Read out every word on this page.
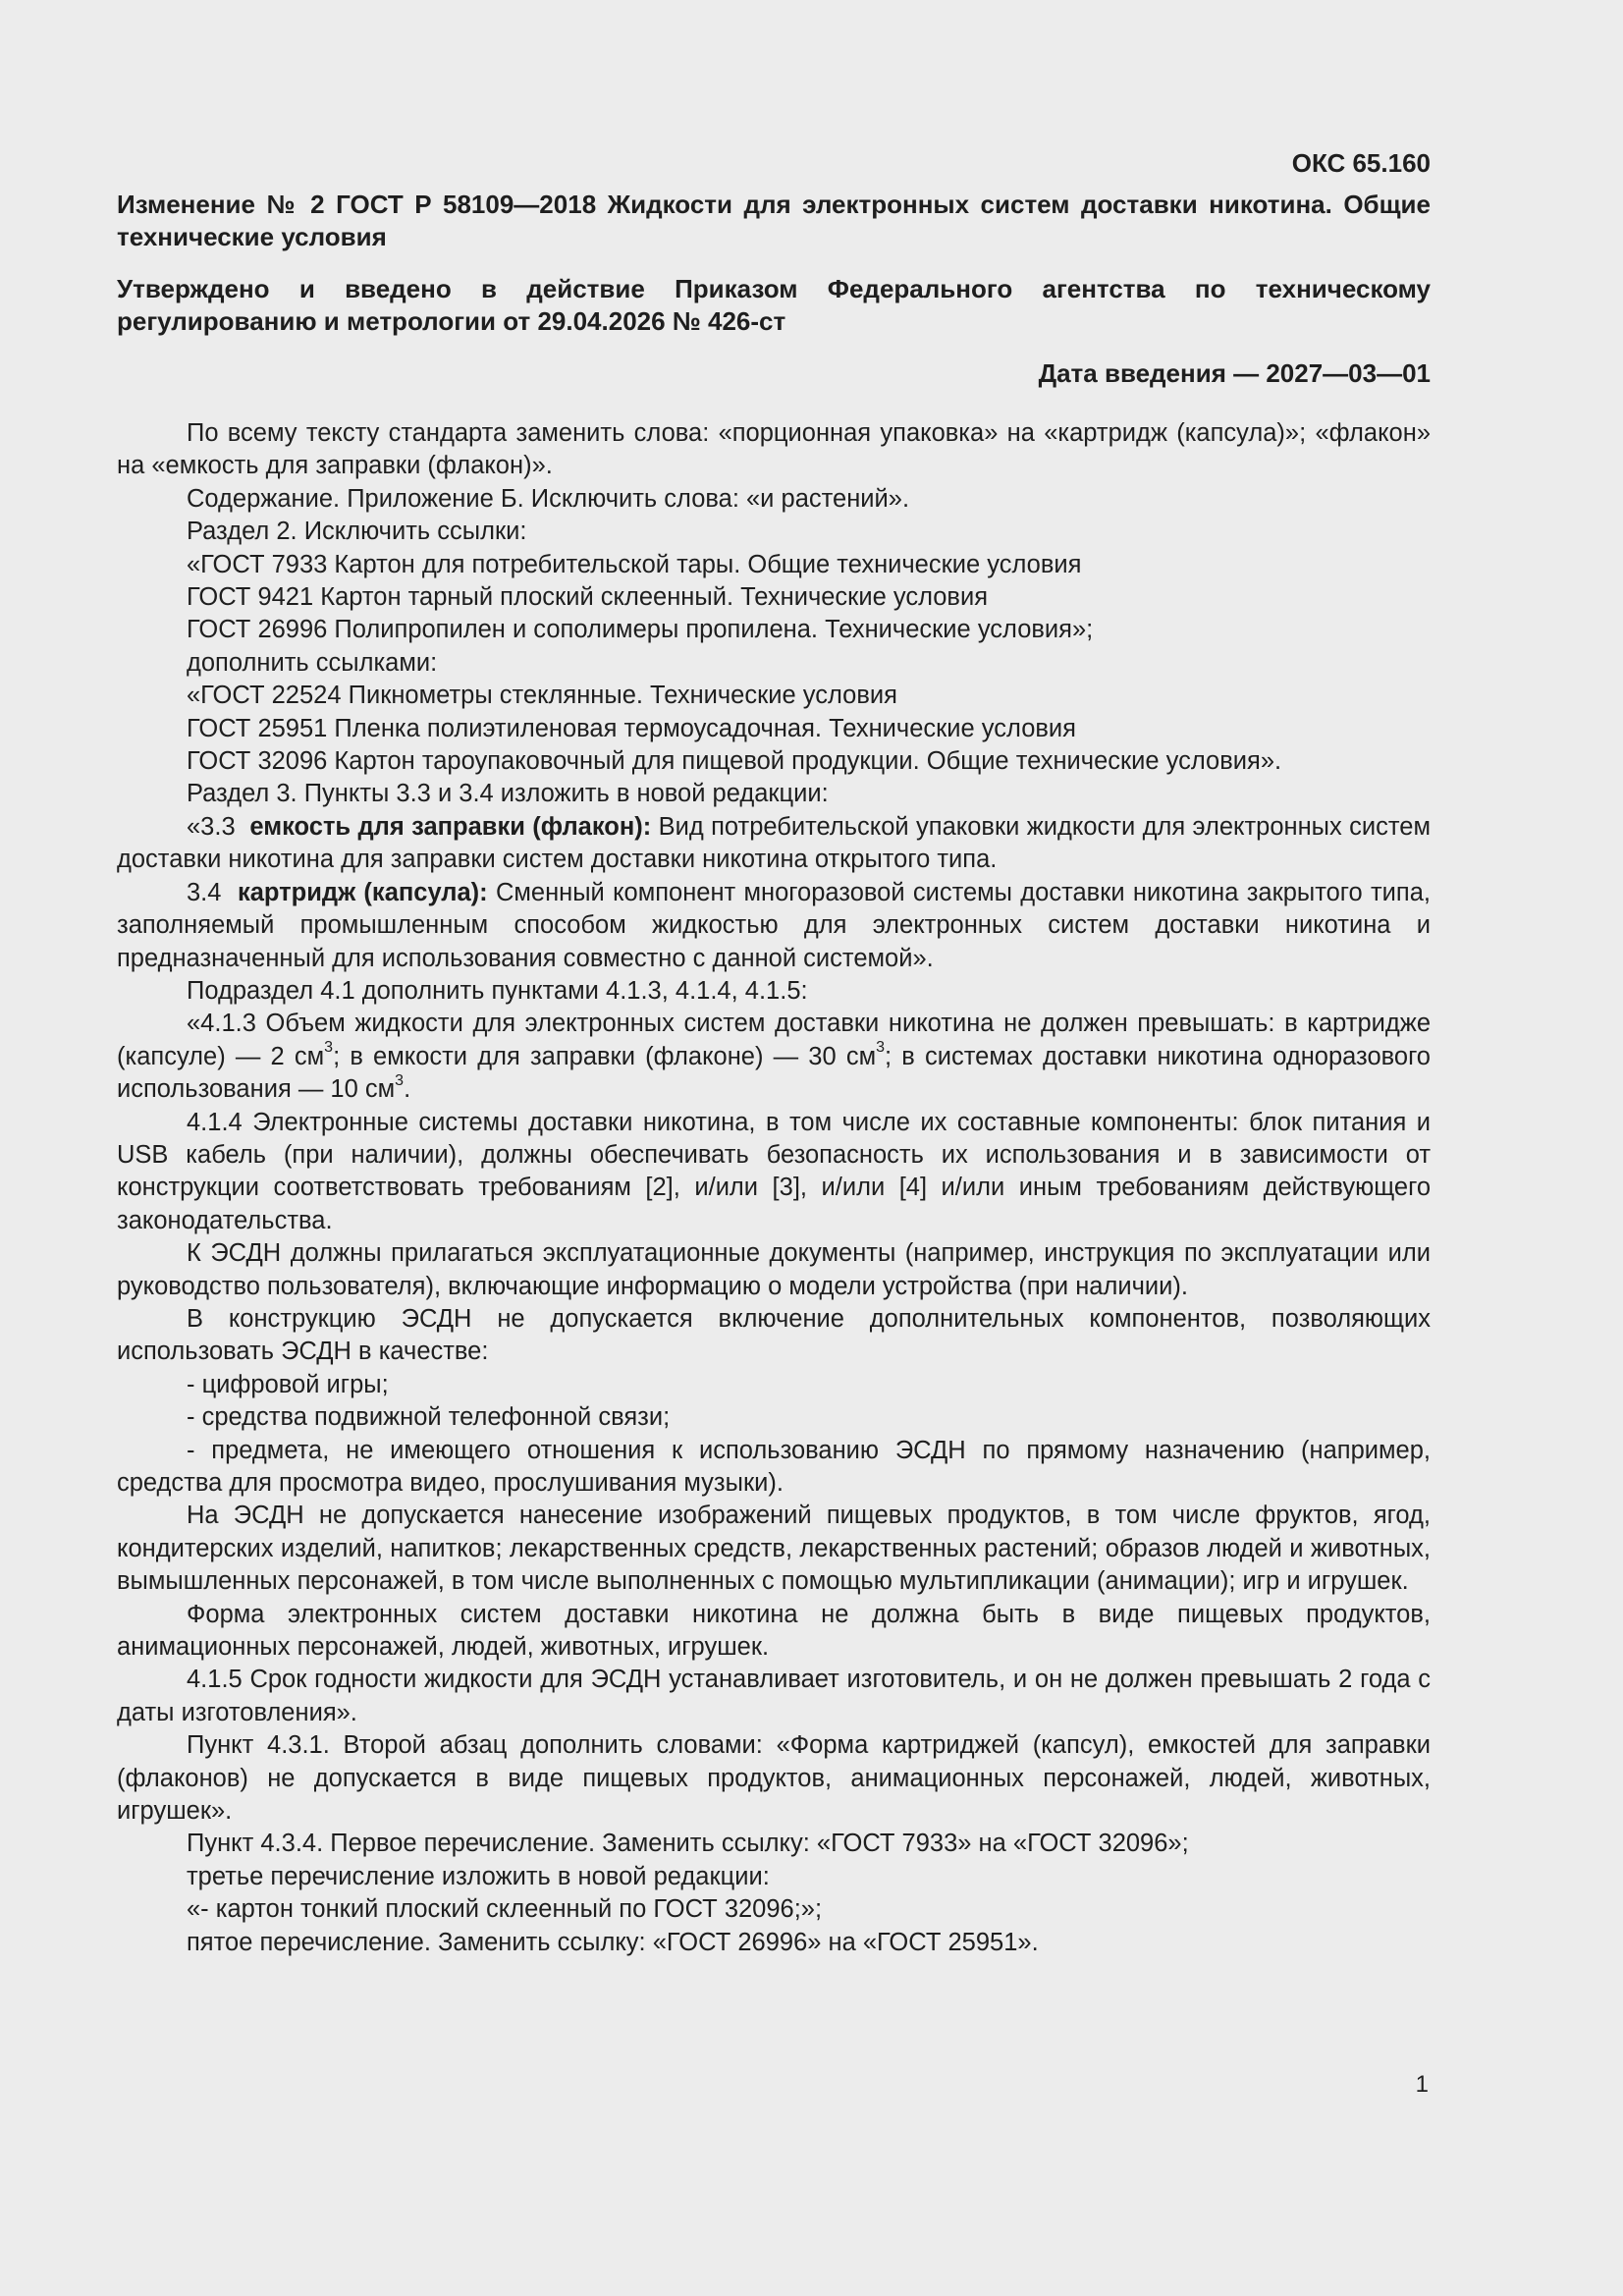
ОКС 65.160

Изменение № 2 ГОСТ Р 58109—2018 Жидкости для электронных систем доставки никотина. Общие технические условия

Утверждено и введено в действие Приказом Федерального агентства по техническому регулированию и метрологии от 29.04.2026 № 426-ст

Дата введения — 2027—03—01

По всему тексту стандарта заменить слова: «порционная упаковка» на «картридж (капсула)»; «флакон» на «емкость для заправки (флакон)».

Содержание. Приложение Б. Исключить слова: «и растений».

Раздел 2. Исключить ссылки:

«ГОСТ 7933 Картон для потребительской тары. Общие технические условия

ГОСТ 9421 Картон тарный плоский склеенный. Технические условия

ГОСТ 26996 Полипропилен и сополимеры пропилена. Технические условия»;

дополнить ссылками:

«ГОСТ 22524 Пикнометры стеклянные. Технические условия

ГОСТ 25951 Пленка полиэтиленовая термоусадочная. Технические условия

ГОСТ 32096 Картон тароупаковочный для пищевой продукции. Общие технические условия».

Раздел 3. Пункты 3.3 и 3.4 изложить в новой редакции:

«3.3 емкость для заправки (флакон): Вид потребительской упаковки жидкости для электронных систем доставки никотина для заправки систем доставки никотина открытого типа.

3.4 картридж (капсула): Сменный компонент многоразовой системы доставки никотина закрытого типа, заполняемый промышленным способом жидкостью для электронных систем доставки никотина и предназначенный для использования совместно с данной системой».

Подраздел 4.1 дополнить пунктами 4.1.3, 4.1.4, 4.1.5:

«4.1.3 Объем жидкости для электронных систем доставки никотина не должен превышать: в картридже (капсуле) — 2 $см^3$; в емкости для заправки (флаконе) — 30 $см^3$; в системах доставки никотина одноразового использования — 10 $см^3$.

4.1.4 Электронные системы доставки никотина, в том числе их составные компоненты: блок питания и USB кабель (при наличии), должны обеспечивать безопасность их использования и в зависимости от конструкции соответствовать требованиям [2], и/или [3], и/или [4] и/или иным требованиям действующего законодательства.

К ЭСДН должны прилагаться эксплуатационные документы (например, инструкция по эксплуатации или руководство пользователя), включающие информацию о модели устройства (при наличии).

В конструкцию ЭСДН не допускается включение дополнительных компонентов, позволяющих использовать ЭСДН в качестве:

- цифровой игры;

- средства подвижной телефонной связи;

- предмета, не имеющего отношения к использованию ЭСДН по прямому назначению (например, средства для просмотра видео, прослушивания музыки).

На ЭСДН не допускается нанесение изображений пищевых продуктов, в том числе фруктов, ягод, кондитерских изделий, напитков; лекарственных средств, лекарственных растений; образов людей и животных, вымышленных персонажей, в том числе выполненных с помощью мультипликации (анимации); игр и игрушек.

Форма электронных систем доставки никотина не должна быть в виде пищевых продуктов, анимационных персонажей, людей, животных, игрушек.

4.1.5 Срок годности жидкости для ЭСДН устанавливает изготовитель, и он не должен превышать 2 года с даты изготовления».

Пункт 4.3.1. Второй абзац дополнить словами: «Форма картриджей (капсул), емкостей для заправки (флаконов) не допускается в виде пищевых продуктов, анимационных персонажей, людей, животных, игрушек».

Пункт 4.3.4. Первое перечисление. Заменить ссылку: «ГОСТ 7933» на «ГОСТ 32096»;

третье перечисление изложить в новой редакции:

«- картон тонкий плоский склеенный по ГОСТ 32096;»;

пятое перечисление. Заменить ссылку: «ГОСТ 26996» на «ГОСТ 25951».

1
